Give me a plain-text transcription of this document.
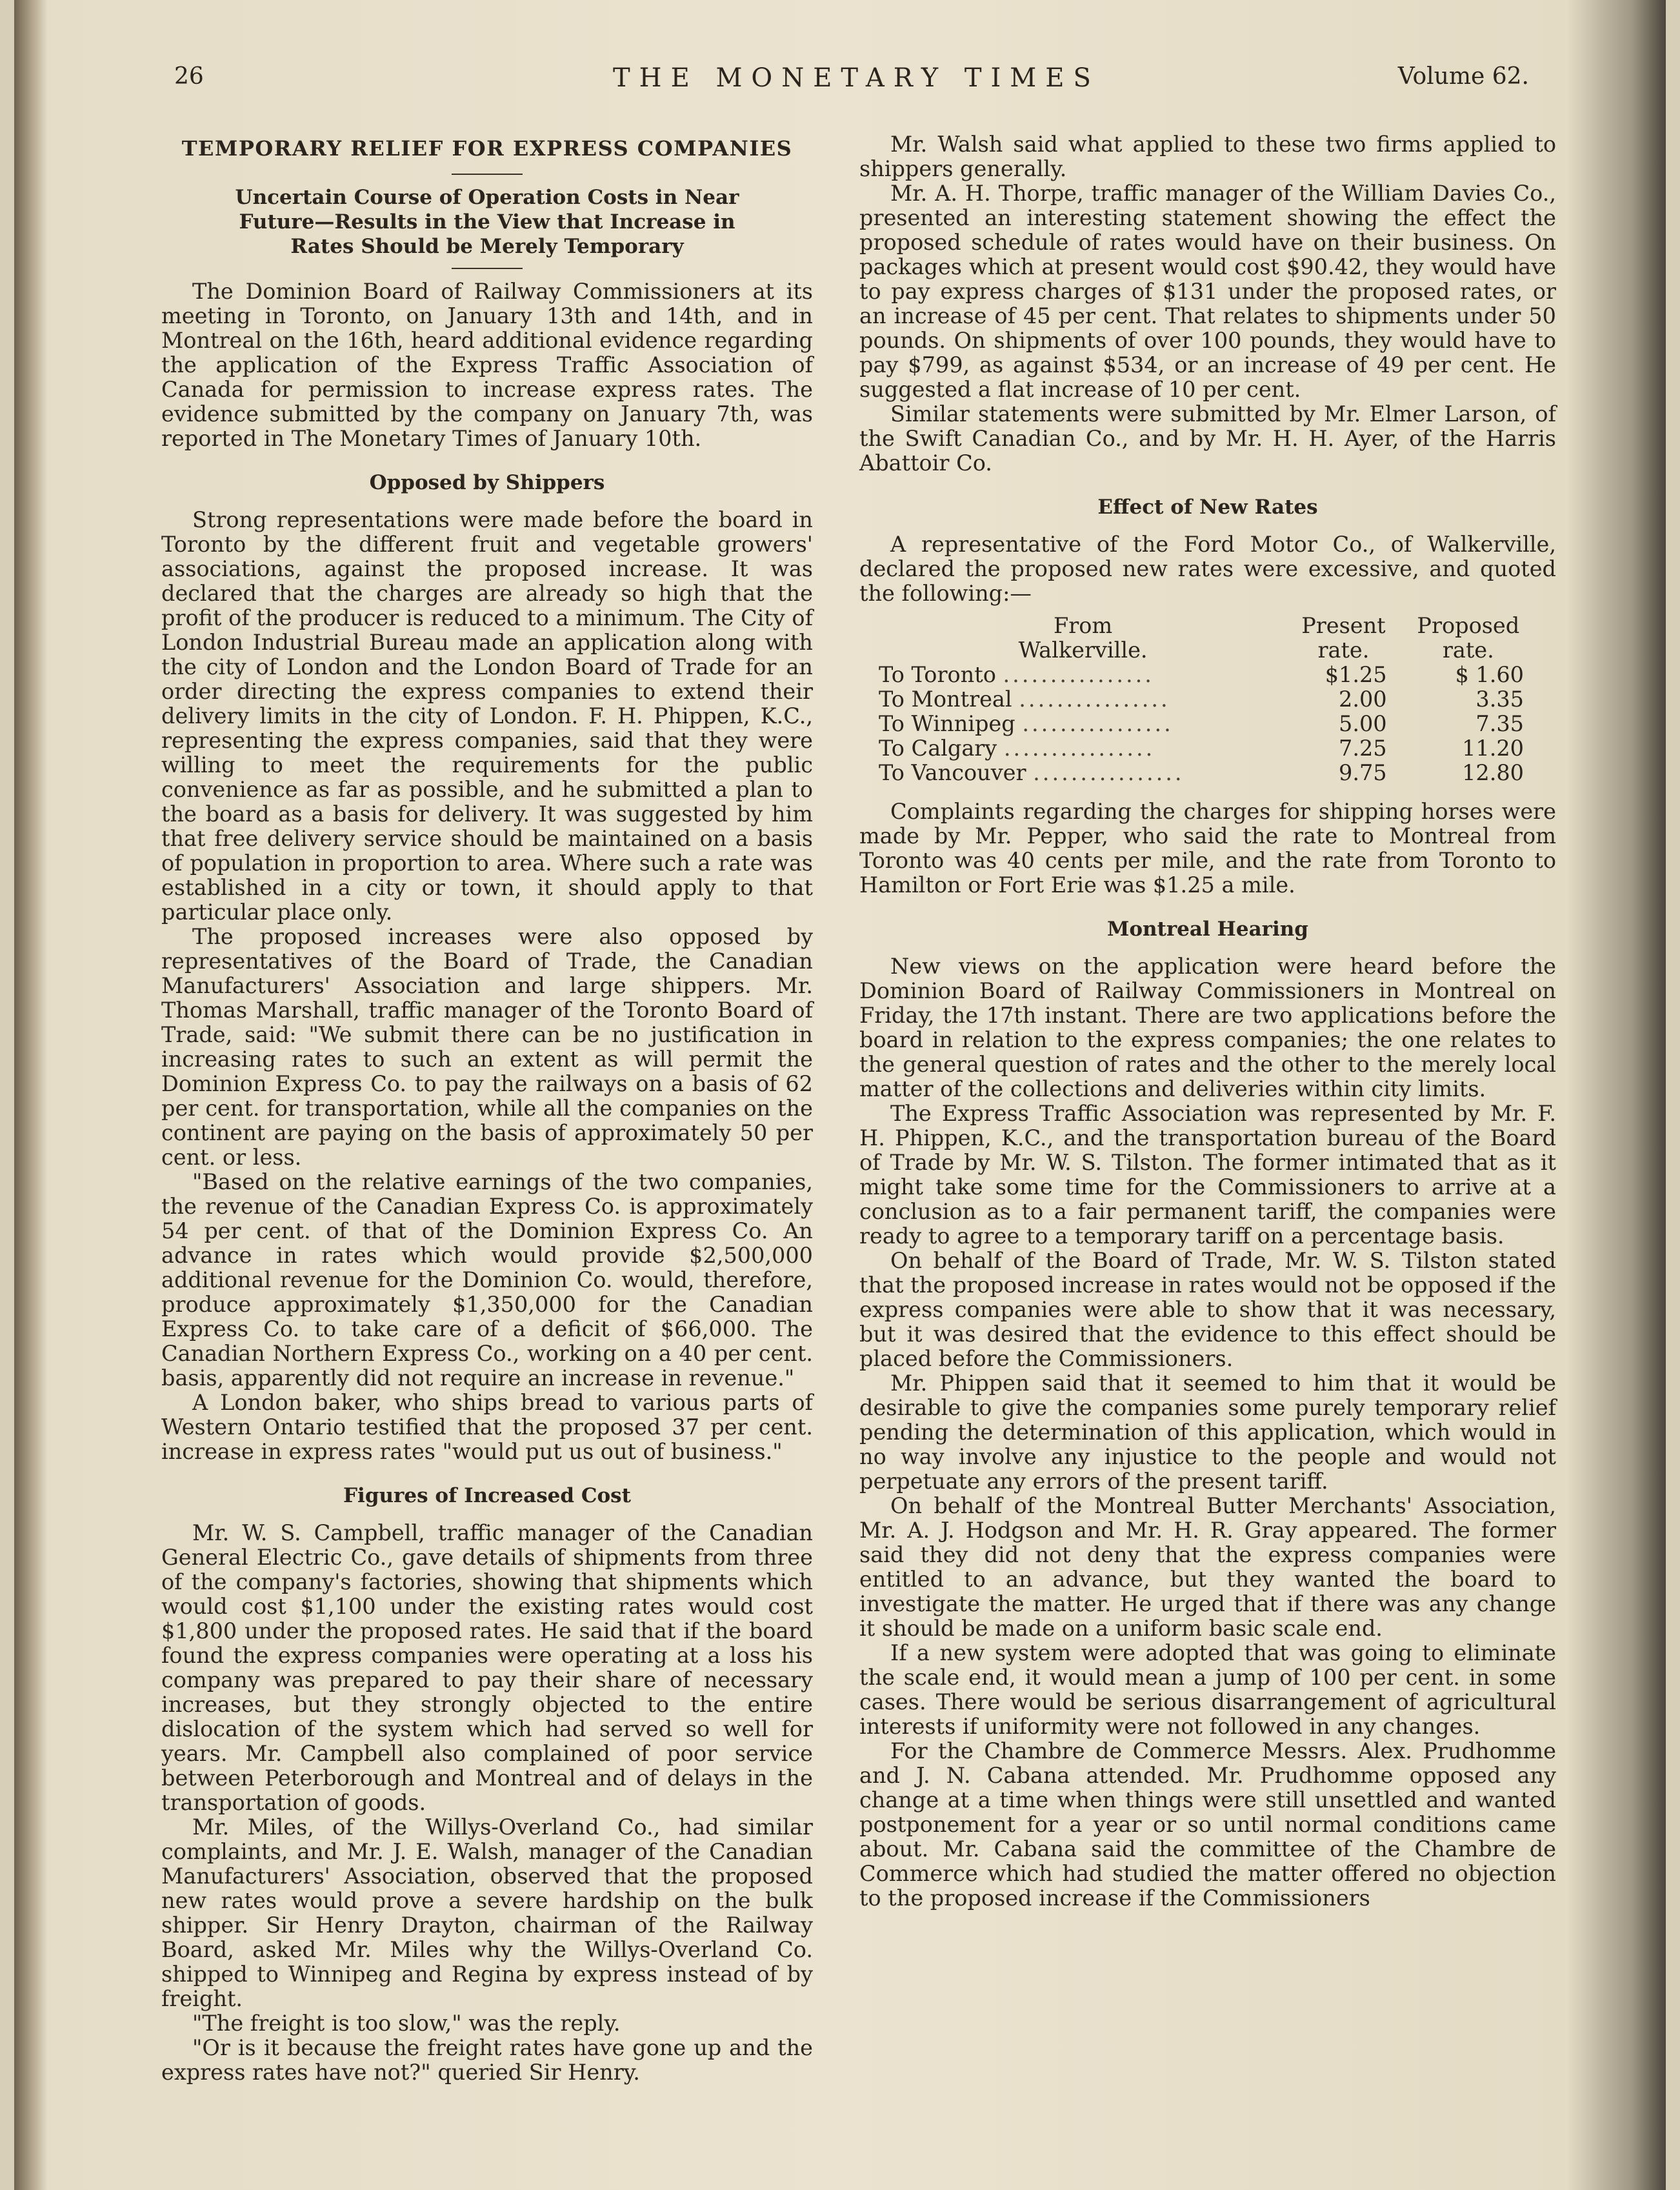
26	THE MONETARY TIMES	Volume 62.
TEMPORARY RELIEF FOR EXPRESS COMPANIES
Uncertain Course of Operation Costs in Near Future—Results in the View that Increase in Rates Should be Merely Temporary

The Dominion Board of Railway Commissioners at its meeting in Toronto, on January 13th and 14th, and in Montreal on the 16th, heard additional evidence regarding the application of the Express Traffic Association of Canada for permission to increase express rates. The evidence submitted by the company on January 7th, was reported in The Monetary Times of January 10th.

Opposed by Shippers

Strong representations were made before the board in Toronto by the different fruit and vegetable growers' associations, against the proposed increase. It was declared that the charges are already so high that the profit of the producer is reduced to a minimum. The City of London Industrial Bureau made an application along with the city of London and the London Board of Trade for an order directing the express companies to extend their delivery limits in the city of London. F. H. Phippen, K.C., representing the express companies, said that they were willing to meet the requirements for the public convenience as far as possible, and he submitted a plan to the board as a basis for delivery. It was suggested by him that free delivery service should be maintained on a basis of population in proportion to area. Where such a rate was established in a city or town, it should apply to that particular place only.

The proposed increases were also opposed by representatives of the Board of Trade, the Canadian Manufacturers' Association and large shippers. Mr. Thomas Marshall, traffic manager of the Toronto Board of Trade, said: "We submit there can be no justification in increasing rates to such an extent as will permit the Dominion Express Co. to pay the railways on a basis of 62 per cent. for transportation, while all the companies on the continent are paying on the basis of approximately 50 per cent. or less.

"Based on the relative earnings of the two companies, the revenue of the Canadian Express Co. is approximately 54 per cent. of that of the Dominion Express Co. An advance in rates which would provide $2,500,000 additional revenue for the Dominion Co. would, therefore, produce approximately $1,350,000 for the Canadian Express Co. to take care of a deficit of $66,000. The Canadian Northern Express Co., working on a 40 per cent. basis, apparently did not require an increase in revenue."

A London baker, who ships bread to various parts of Western Ontario testified that the proposed 37 per cent. increase in express rates "would put us out of business."

Figures of Increased Cost

Mr. W. S. Campbell, traffic manager of the Canadian General Electric Co., gave details of shipments from three of the company's factories, showing that shipments which would cost $1,100 under the existing rates would cost $1,800 under the proposed rates. He said that if the board found the express companies were operating at a loss his company was prepared to pay their share of necessary increases, but they strongly objected to the entire dislocation of the system which had served so well for years. Mr. Campbell also complained of poor service between Peterborough and Montreal and of delays in the transportation of goods.

Mr. Miles, of the Willys-Overland Co., had similar complaints, and Mr. J. E. Walsh, manager of the Canadian Manufacturers' Association, observed that the proposed new rates would prove a severe hardship on the bulk shipper. Sir Henry Drayton, chairman of the Railway Board, asked Mr. Miles why the Willys-Overland Co. shipped to Winnipeg and Regina by express instead of by freight.

"The freight is too slow," was the reply.

"Or is it because the freight rates have gone up and the express rates have not?" queried Sir Henry.

Mr. Walsh said what applied to these two firms applied to shippers generally.

Mr. A. H. Thorpe, traffic manager of the William Davies Co., presented an interesting statement showing the effect the proposed schedule of rates would have on their business. On packages which at present would cost $90.42, they would have to pay express charges of $131 under the proposed rates, or an increase of 45 per cent. That relates to shipments under 50 pounds. On shipments of over 100 pounds, they would have to pay $799, as against $534, or an increase of 49 per cent. He suggested a flat increase of 10 per cent.

Similar statements were submitted by Mr. Elmer Larson, of the Swift Canadian Co., and by Mr. H. H. Ayer, of the Harris Abattoir Co.

Effect of New Rates

A representative of the Ford Motor Co., of Walkerville, declared the proposed new rates were excessive, and quoted the following:—

From	Present	Proposed
Walkerville.	rate.	rate.
To Toronto ................	$1.25	$ 1.60
To Montreal ................	2.00	3.35
To Winnipeg ................	5.00	7.35
To Calgary ................	7.25	11.20
To Vancouver ................	9.75	12.80

Complaints regarding the charges for shipping horses were made by Mr. Pepper, who said the rate to Montreal from Toronto was 40 cents per mile, and the rate from Toronto to Hamilton or Fort Erie was $1.25 a mile.

Montreal Hearing

New views on the application were heard before the Dominion Board of Railway Commissioners in Montreal on Friday, the 17th instant. There are two applications before the board in relation to the express companies; the one relates to the general question of rates and the other to the merely local matter of the collections and deliveries within city limits.

The Express Traffic Association was represented by Mr. F. H. Phippen, K.C., and the transportation bureau of the Board of Trade by Mr. W. S. Tilston. The former intimated that as it might take some time for the Commissioners to arrive at a conclusion as to a fair permanent tariff, the companies were ready to agree to a temporary tariff on a percentage basis.

On behalf of the Board of Trade, Mr. W. S. Tilston stated that the proposed increase in rates would not be opposed if the express companies were able to show that it was necessary, but it was desired that the evidence to this effect should be placed before the Commissioners.

Mr. Phippen said that it seemed to him that it would be desirable to give the companies some purely temporary relief pending the determination of this application, which would in no way involve any injustice to the people and would not perpetuate any errors of the present tariff.

On behalf of the Montreal Butter Merchants' Association, Mr. A. J. Hodgson and Mr. H. R. Gray appeared. The former said they did not deny that the express companies were entitled to an advance, but they wanted the board to investigate the matter. He urged that if there was any change it should be made on a uniform basic scale end.

If a new system were adopted that was going to eliminate the scale end, it would mean a jump of 100 per cent. in some cases. There would be serious disarrangement of agricultural interests if uniformity were not followed in any changes.

For the Chambre de Commerce Messrs. Alex. Prudhomme and J. N. Cabana attended. Mr. Prudhomme opposed any change at a time when things were still unsettled and wanted postponement for a year or so until normal conditions came about. Mr. Cabana said the committee of the Chambre de Commerce which had studied the matter offered no objection to the proposed increase if the Commissioners
